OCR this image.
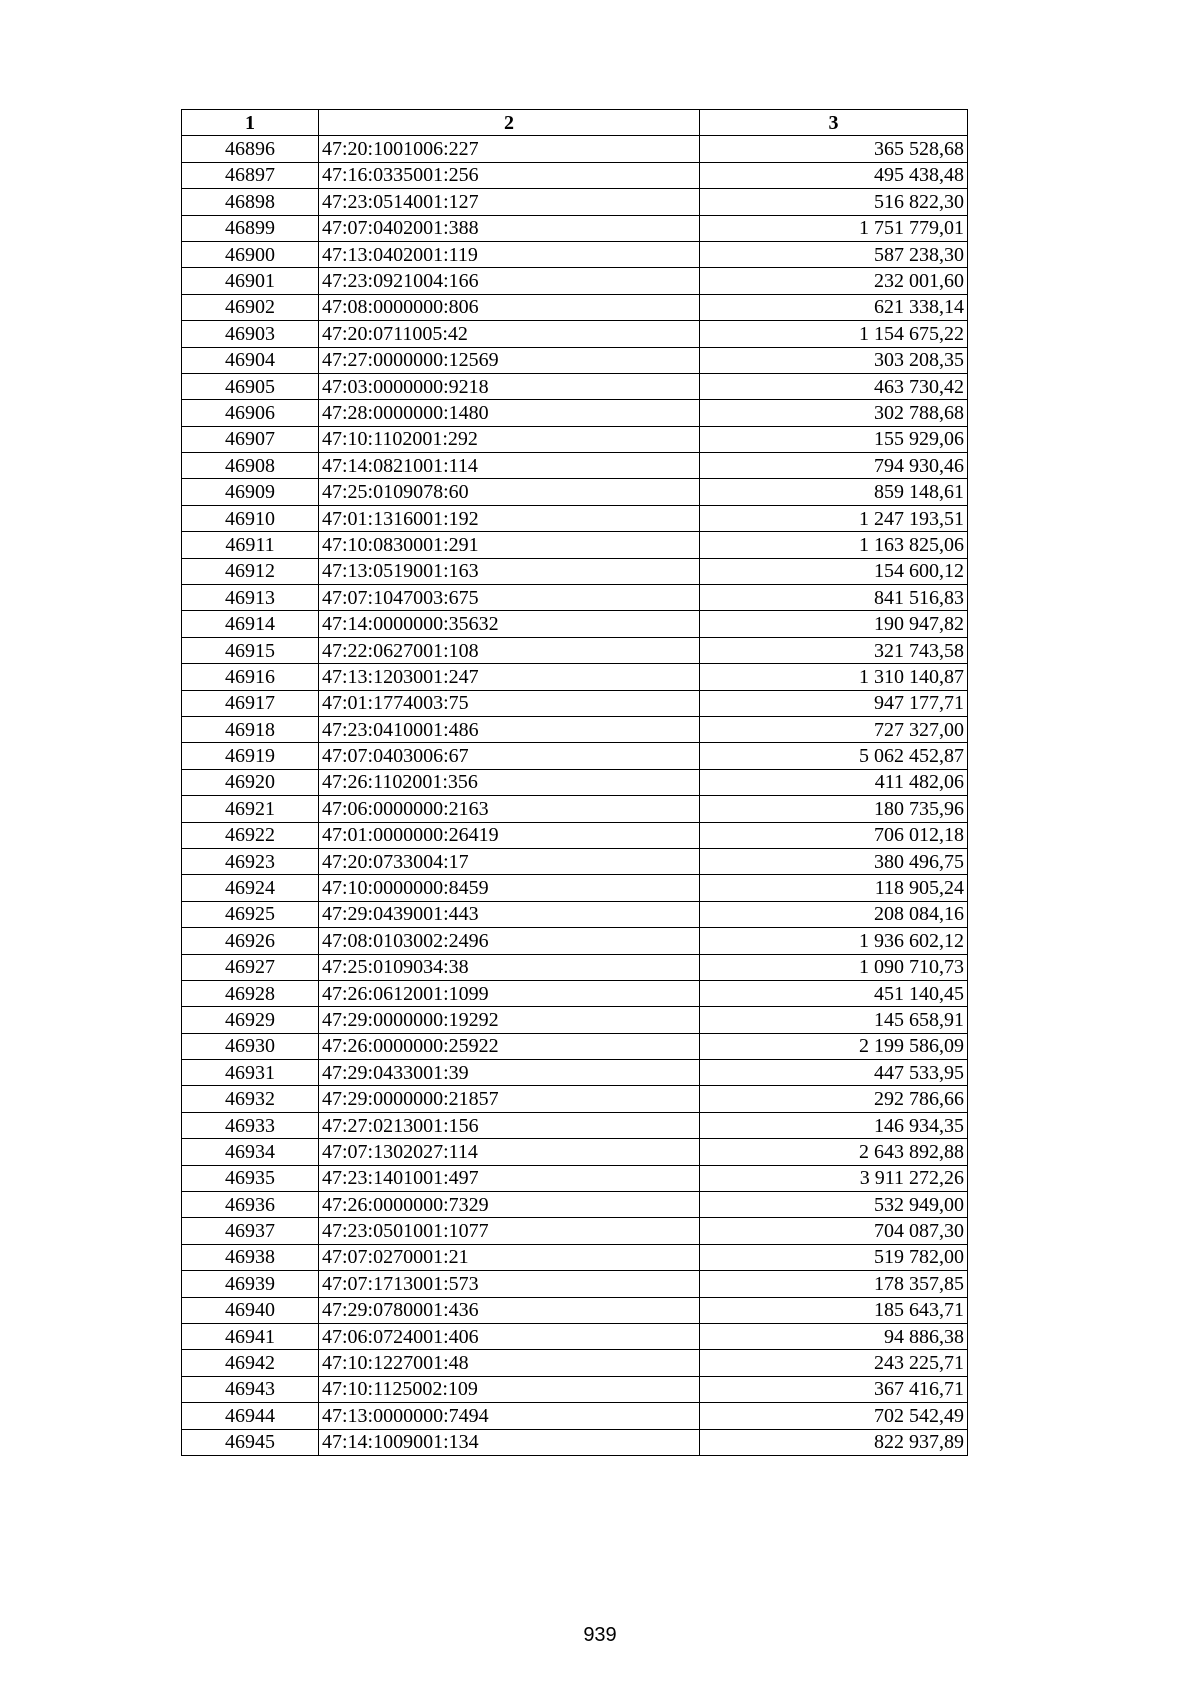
1	2	3
46896	47:20:1001006:227	365 528,68
46897	47:16:0335001:256	495 438,48
46898	47:23:0514001:127	516 822,30
46899	47:07:0402001:388	1 751 779,01
46900	47:13:0402001:119	587 238,30
46901	47:23:0921004:166	232 001,60
46902	47:08:0000000:806	621 338,14
46903	47:20:0711005:42	1 154 675,22
46904	47:27:0000000:12569	303 208,35
46905	47:03:0000000:9218	463 730,42
46906	47:28:0000000:1480	302 788,68
46907	47:10:1102001:292	155 929,06
46908	47:14:0821001:114	794 930,46
46909	47:25:0109078:60	859 148,61
46910	47:01:1316001:192	1 247 193,51
46911	47:10:0830001:291	1 163 825,06
46912	47:13:0519001:163	154 600,12
46913	47:07:1047003:675	841 516,83
46914	47:14:0000000:35632	190 947,82
46915	47:22:0627001:108	321 743,58
46916	47:13:1203001:247	1 310 140,87
46917	47:01:1774003:75	947 177,71
46918	47:23:0410001:486	727 327,00
46919	47:07:0403006:67	5 062 452,87
46920	47:26:1102001:356	411 482,06
46921	47:06:0000000:2163	180 735,96
46922	47:01:0000000:26419	706 012,18
46923	47:20:0733004:17	380 496,75
46924	47:10:0000000:8459	118 905,24
46925	47:29:0439001:443	208 084,16
46926	47:08:0103002:2496	1 936 602,12
46927	47:25:0109034:38	1 090 710,73
46928	47:26:0612001:1099	451 140,45
46929	47:29:0000000:19292	145 658,91
46930	47:26:0000000:25922	2 199 586,09
46931	47:29:0433001:39	447 533,95
46932	47:29:0000000:21857	292 786,66
46933	47:27:0213001:156	146 934,35
46934	47:07:1302027:114	2 643 892,88
46935	47:23:1401001:497	3 911 272,26
46936	47:26:0000000:7329	532 949,00
46937	47:23:0501001:1077	704 087,30
46938	47:07:0270001:21	519 782,00
46939	47:07:1713001:573	178 357,85
46940	47:29:0780001:436	185 643,71
46941	47:06:0724001:406	94 886,38
46942	47:10:1227001:48	243 225,71
46943	47:10:1125002:109	367 416,71
46944	47:13:0000000:7494	702 542,49
46945	47:14:1009001:134	822 937,89
939
